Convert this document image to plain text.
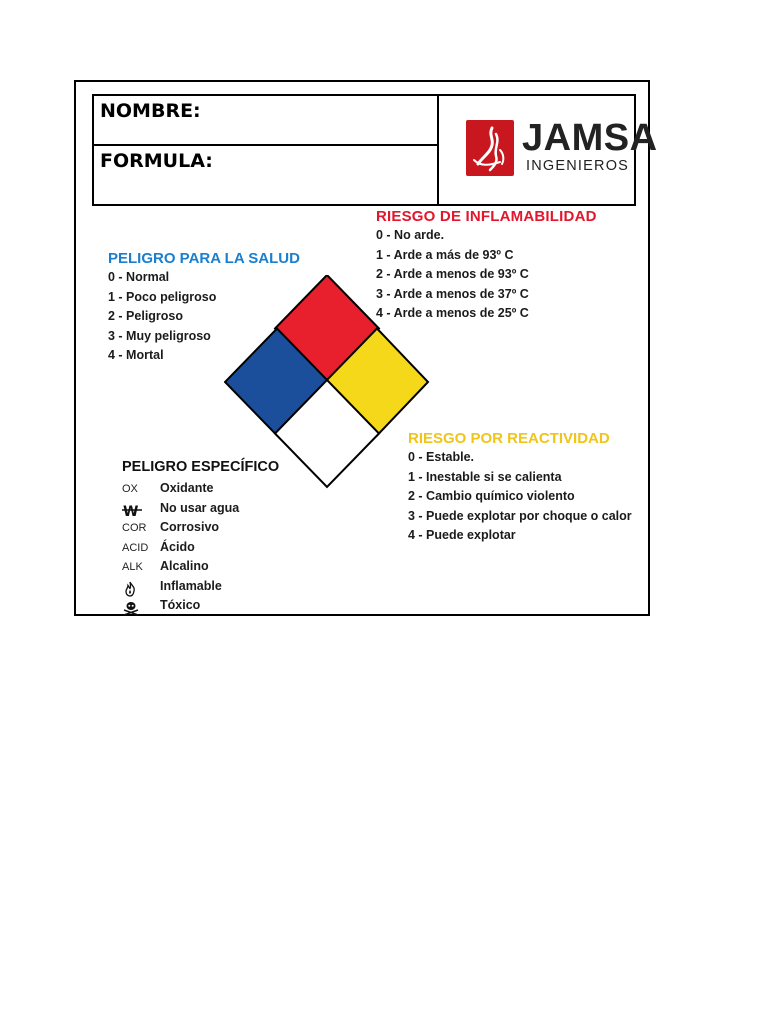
NOMBRE:
FORMULA:
JAMSA
INGENIEROS
PELIGRO PARA LA SALUD
0 - Normal
1 - Poco peligroso
2 - Peligroso
3 - Muy peligroso
4 - Mortal
RIESGO DE INFLAMABILIDAD
0 - No arde.
1 - Arde a más de 93º C
2 - Arde a menos de 93º C
3 - Arde a menos de 37º C
4 - Arde a menos de 25º C
RIESGO POR REACTIVIDAD
0 - Estable.
1 - Inestable si se calienta
2 - Cambio químico violento
3 - Puede explotar por choque o calor
4 - Puede explotar
PELIGRO ESPECÍFICO
OX	Oxidante
W No usar agua
COR	Corrosivo
ACID Ácido
ALK	Alcalino
Inflamable
Tóxico
